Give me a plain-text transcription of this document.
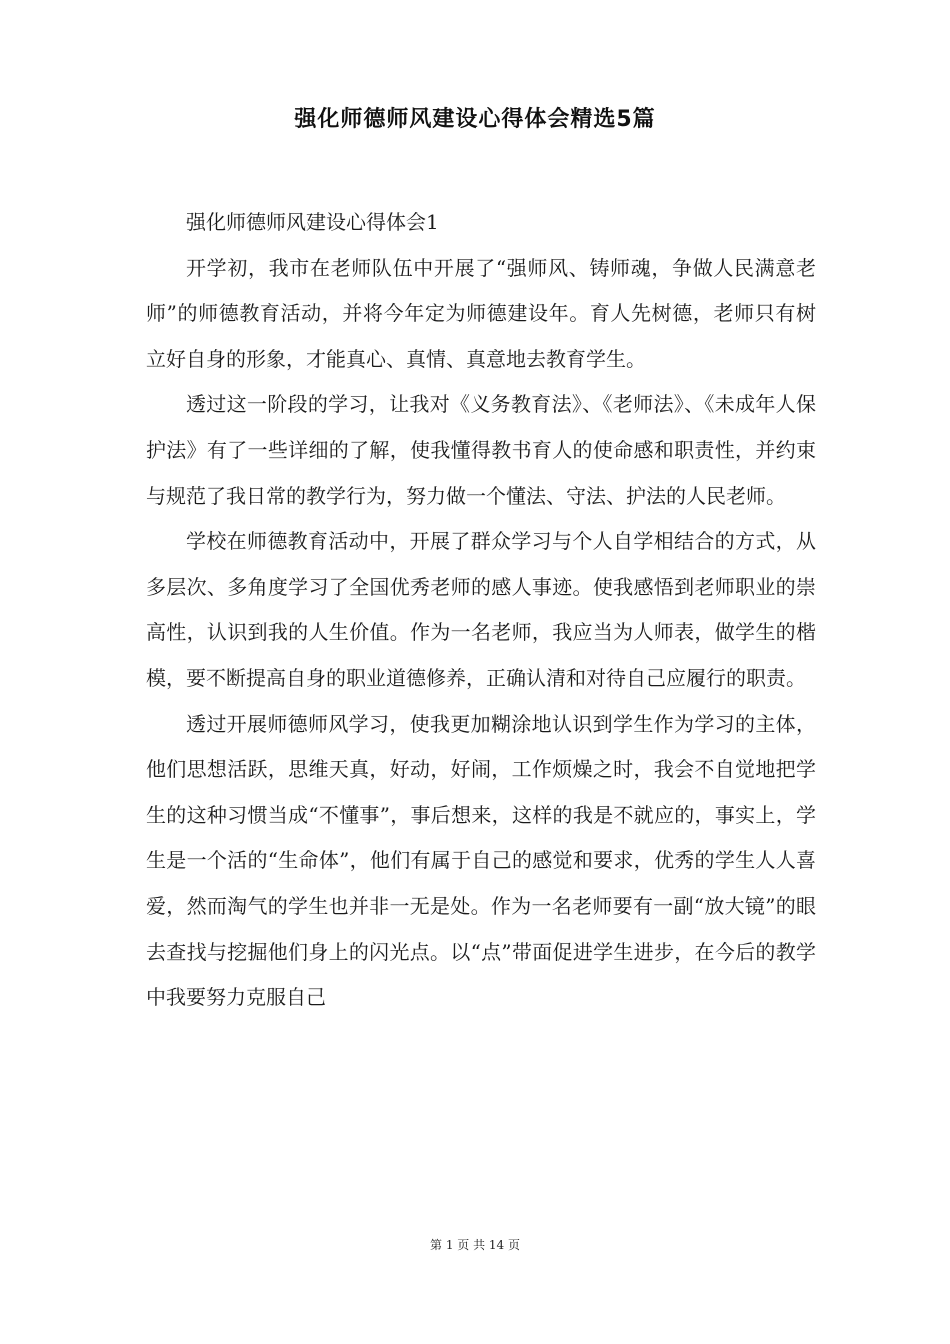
强化师德师风建设心得体会精选5篇

强化师德师风建设心得体会1

开学初，我市在老师队伍中开展了“强师风、铸师魂，争做人民满意老师”的师德教育活动，并将今年定为师德建设年。育人先树德，老师只有树立好自身的形象，才能真心、真情、真意地去教育学生。

透过这一阶段的学习，让我对《义务教育法》、《老师法》、《未成年人保护法》有了一些详细的了解，使我懂得教书育人的使命感和职责性，并约束与规范了我日常的教学行为，努力做一个懂法、守法、护法的人民老师。

学校在师德教育活动中，开展了群众学习与个人自学相结合的方式，从多层次、多角度学习了全国优秀老师的感人事迹。使我感悟到老师职业的崇高性，认识到我的人生价值。作为一名老师，我应当为人师表，做学生的楷模，要不断提高自身的职业道德修养，正确认清和对待自己应履行的职责。

透过开展师德师风学习，使我更加糊涂地认识到学生作为学习的主体，他们思想活跃，思维天真，好动，好闹，工作烦燥之时，我会不自觉地把学生的这种习惯当成“不懂事”，事后想来，这样的我是不就应的，事实上，学生是一个活的“生命体”，他们有属于自己的感觉和要求，优秀的学生人人喜爱，然而淘气的学生也并非一无是处。作为一名老师要有一副“放大镜”的眼去查找与挖掘他们身上的闪光点。以“点”带面促进学生进步，在今后的教学中我要努力克服自己

第 1 页 共 14 页
